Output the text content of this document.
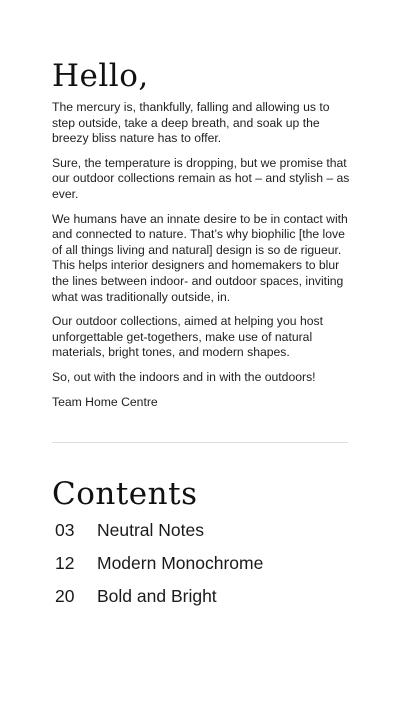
Hello,

The mercury is, thankfully, falling and allowing us to step outside, take a deep breath, and soak up the breezy bliss nature has to offer.

Sure, the temperature is dropping, but we promise that our outdoor collections remain as hot – and stylish – as ever.

We humans have an innate desire to be in contact with and connected to nature. That’s why biophilic [the love of all things living and natural] design is so de rigueur. This helps interior designers and homemakers to blur the lines between indoor- and outdoor spaces, inviting what was traditionally outside, in.

Our outdoor collections, aimed at helping you host unforgettable get-togethers, make use of natural materials, bright tones, and modern shapes.

So, out with the indoors and in with the outdoors!

Team Home Centre

Contents
03	Neutral Notes
12	Modern Monochrome
20	Bold and Bright
